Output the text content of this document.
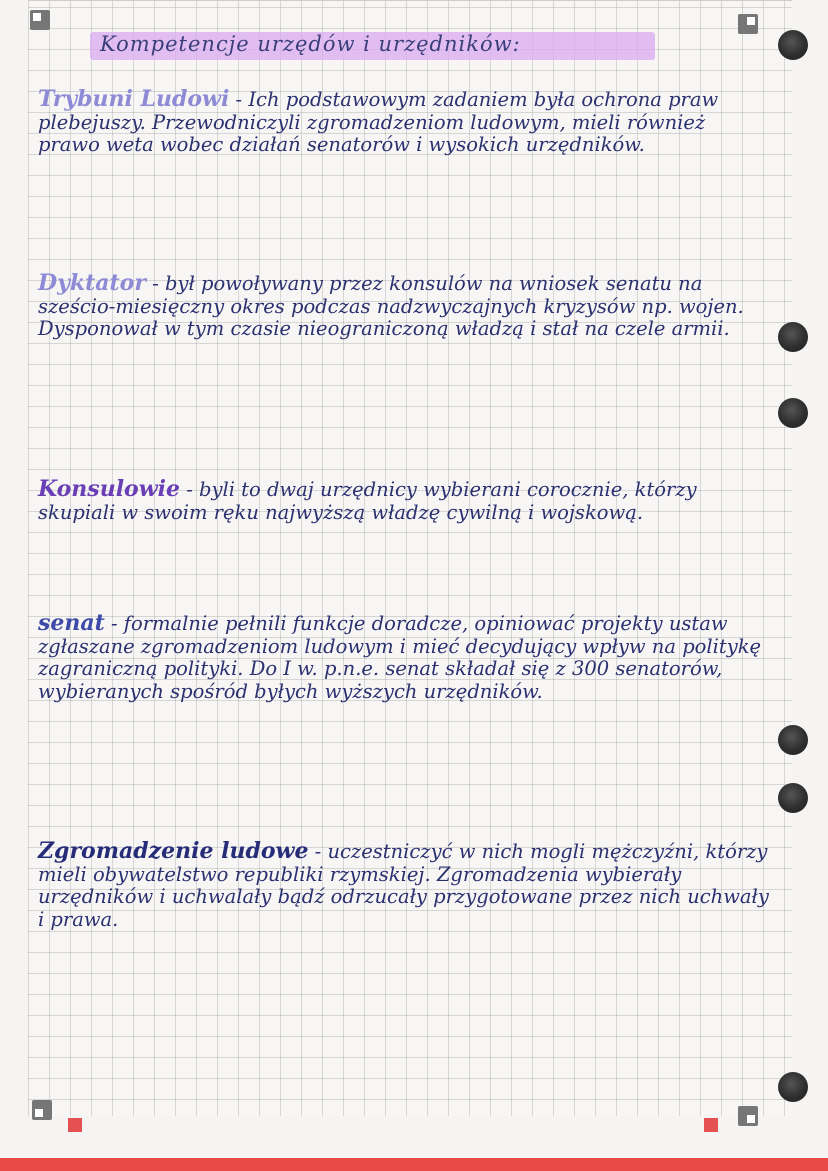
Kompetencje urzędów i urzędników:
Trybuni Ludowi - Ich podstawowym zadaniem była ochrona praw plebejuszy. Przewodniczyli zgromadzeniom ludowym, mieli również prawo weta wobec działań senatorów i wysokich urzędników.
Dyktator - był powoływany przez konsulów na wniosek senatu na sześcio-miesięczny okres podczas nadzwyczajnych kryzysów np. wojen. Dysponował w tym czasie nieograniczoną władzą i stał na czele armii.
Konsulowie - byli to dwaj urzędnicy wybierani corocznie, którzy skupiali w swoim ręku najwyższą władzę cywilną i wojskową.
senat - formalnie pełnili funkcje doradcze, opiniować projekty ustaw zgłaszane zgromadzeniom ludowym i mieć decydujący wpływ na politykę zagraniczną polityki. Do I w. p.n.e. senat składał się z 300 senatorów, wybieranych spośród byłych wyższych urzędników.
Zgromadzenie ludowe - uczestniczyć w nich mogli mężczyźni, którzy mieli obywatelstwo republiki rzymskiej. Zgromadzenia wybierały urzędników i uchwalały bądź odrzucały przygotowane przez nich uchwały i prawa.
